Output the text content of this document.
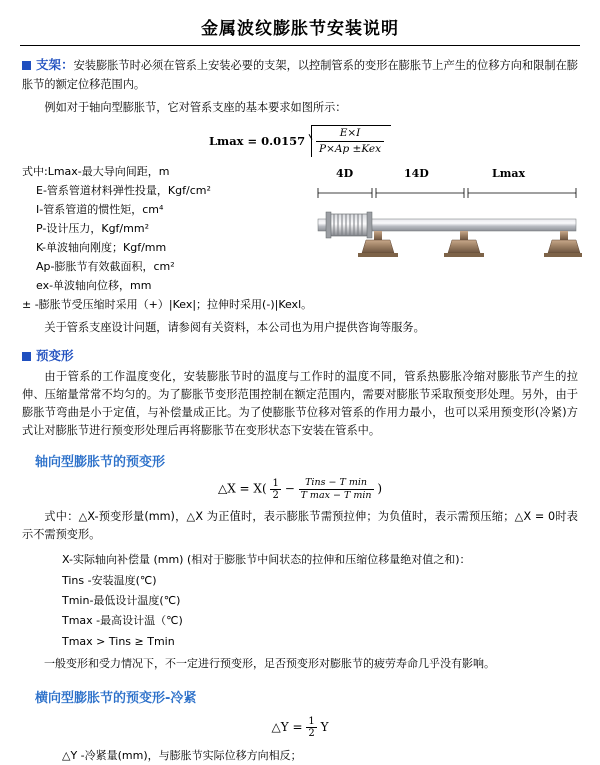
金属波纹膨胀节安装说明

支架：安装膨胀节时必须在管系上安装必要的支架，以控制管系的变形在膨胀节上产生的位移方向和限制在膨胀节的额定位移范围内。

例如对于轴向型膨胀节，它对管系支座的基本要求如图所示：

$Lmax = 0.0157 \frac{E\times I}{\text{P×Ap ±Kex}}$
4D	14D	Lmax
式中:Lmax-最大导向间距，m
E-管系管道材料弹性投量，Kgf/cm²
I-管系管道的惯性矩，cm⁴
P-设计压力，Kgf/mm²
K-单波轴向刚度；Kgf/mm
Ap-膨胀节有效截面积，cm²
ex-单波轴向位移，mm
± -膨胀节受压缩时采用（+）|Kex|；拉伸时采用(-)|Kexl。

关于管系支座设计问题，请参阅有关资料，本公司也为用户提供咨询等服务。

预变形

由于管系的工作温度变化，安装膨胀节时的温度与工作时的温度不同，管系热膨胀冷缩对膨胀节产生的拉伸、压缩量常常不均匀的。为了膨胀节变形范围控制在额定范围内，需要对膨胀节采取预变形处理。另外，由于膨胀节弯曲是小于定值，与补偿量成正比。为了使膨胀节位移对管系的作用力最小，也可以采用预变形(冷紧)方式让对膨胀节进行预变形处理后再将膨胀节在变形状态下安装在管系中。

轴向型膨胀节的预变形
△X = $X( \frac{1}{2} - \frac{\text{Tins − T min}}{\text{T max − T min}}$ )

式中：△X-预变形量(mm)，△X 为正值时，表示膨胀节需预拉伸；为负值时，表示需预压缩；△X = 0时表示不需预变形。

X-实际轴向补偿量 (mm) (相对于膨胀节中间状态的拉伸和压缩位移量绝对值之和)：
Tins -安装温度(℃)
Tmin-最低设计温度(℃)
Tmax -最高设计温（℃)
Tmax > Tins ≥ Tmin

一般变形和受力情况下，不一定进行预变形，足否预变形对膨胀节的疲劳寿命几乎没有影响。

横向型膨胀节的预变形-冷紧
△Y = $\frac{1}{2}$ Y
△Y -冷紧量(mm)，与膨胀节实际位移方向相反；
